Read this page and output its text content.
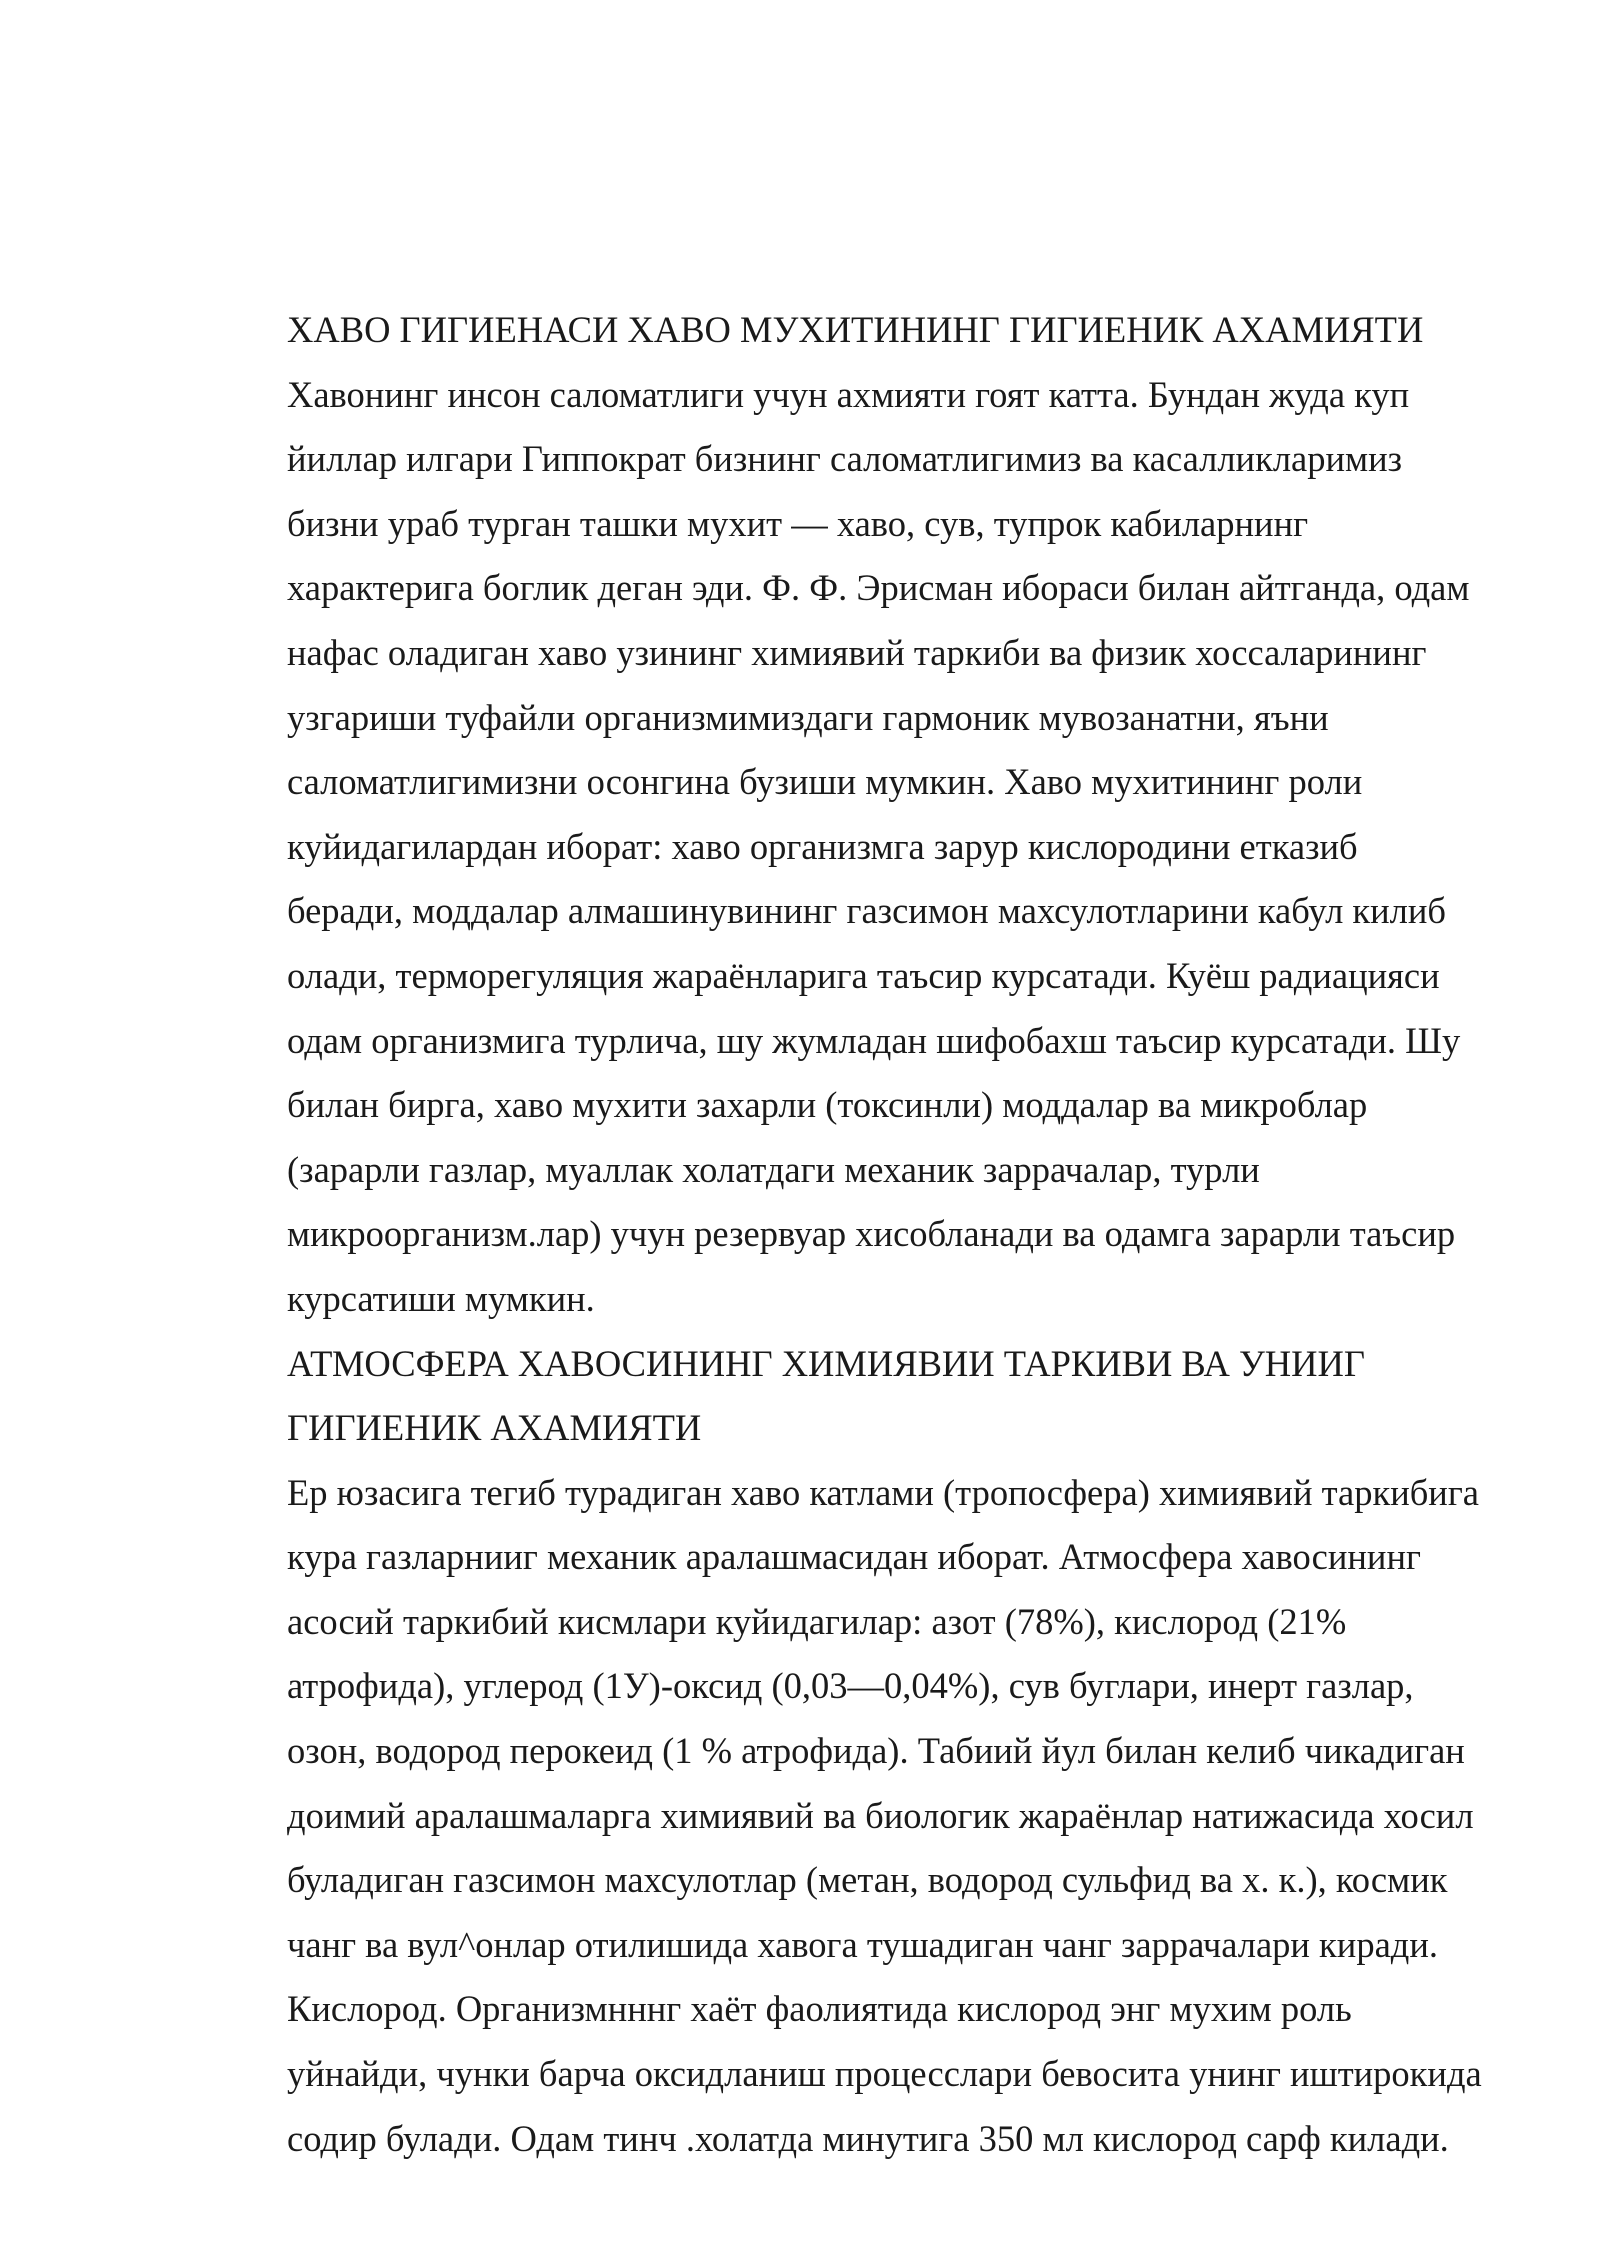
ХАВО ГИГИЕНАСИ ХАВО МУХИТИНИНГ ГИГИЕНИК АХАМИЯТИ
Хавонинг инсон саломатлиги учун ахмияти гоят катта. Бундан жуда куп
йиллар илгари Гиппократ бизнинг саломатлигимиз ва касалликларимиз
бизни ураб турган ташки мухит — хаво, сув, тупрок кабиларнинг
характерига боглик деган эди. Ф. Ф. Эрисман ибораси билан айтганда, одам
нафас оладиган хаво узининг химиявий таркиби ва физик хоссаларининг
узгариши туфайли организмимиздаги гармоник мувозанатни, яъни
саломатлигимизни осонгина бузиши мумкин. Хаво мухитининг роли
куйидагилардан иборат: хаво организмга зарур кислородини етказиб
беради, моддалар алмашинувининг газсимон махсулотларини кабул килиб
олади, терморегуляция жараёнларига таъсир курсатади. Куёш радиацияси
одам организмига турлича, шу жумладан шифобахш таъсир курсатади. Шу
билан бирга, хаво мухити захарли (токсинли) моддалар ва микроблар
(зарарли газлар, муаллак холатдаги механик заррачалар, турли
микроорганизм.лар) учун резервуар хисобланади ва одамга зарарли таъсир
курсатиши мумкин.
АТМОСФЕРА ХАВОСИНИНГ ХИМИЯВИИ ТАРКИВИ ВА УНИИГ
ГИГИЕНИК АХАМИЯТИ
Ер юзасига тегиб турадиган хаво катлами (тропосфера) химиявий таркибига
кура газларнииг механик аралашмасидан иборат. Атмосфера хавосининг
асосий таркибий кисмлари куйидагилар: азот (78%), кислород (21%
атрофида), углерод (1У)-оксид (0,03—0,04%), сув буглари, инерт газлар,
озон, водород перокеид (1 % атрофида). Табиий йул билан келиб чикадиган
доимий аралашмаларга химиявий ва биологик жараёнлар натижасида хосил
буладиган газсимон махсулотлар (метан, водород сульфид ва х. к.), космик
чанг ва вул^онлар отилишида хавога тушадиган чанг заррачалари киради.
Кислород. Организмнннг хаёт фаолиятида кислород энг мухим роль
уйнайди, чунки барча оксидланиш процесслари бевосита унинг иштирокида
содир булади. Одам тинч .холатда минутига 350 мл кислород сарф килади.
